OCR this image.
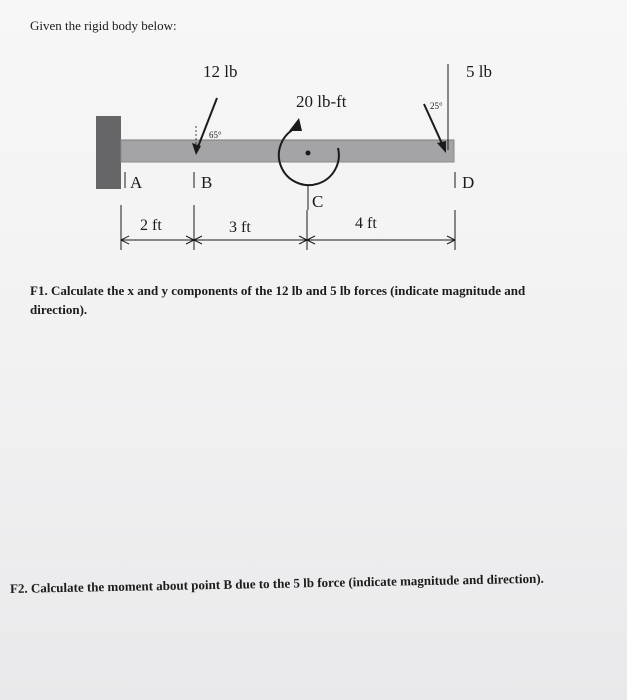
Given the rigid body below:
12 lb
65°
20 lb-ft
5 lb
25°
A	B
C
D
2 ft	3 ft	4 ft
F1. Calculate the x and y components of the 12 lb and 5 lb forces (indicate magnitude and direction).
F2. Calculate the moment about point B due to the 5 lb force (indicate magnitude and direction).
